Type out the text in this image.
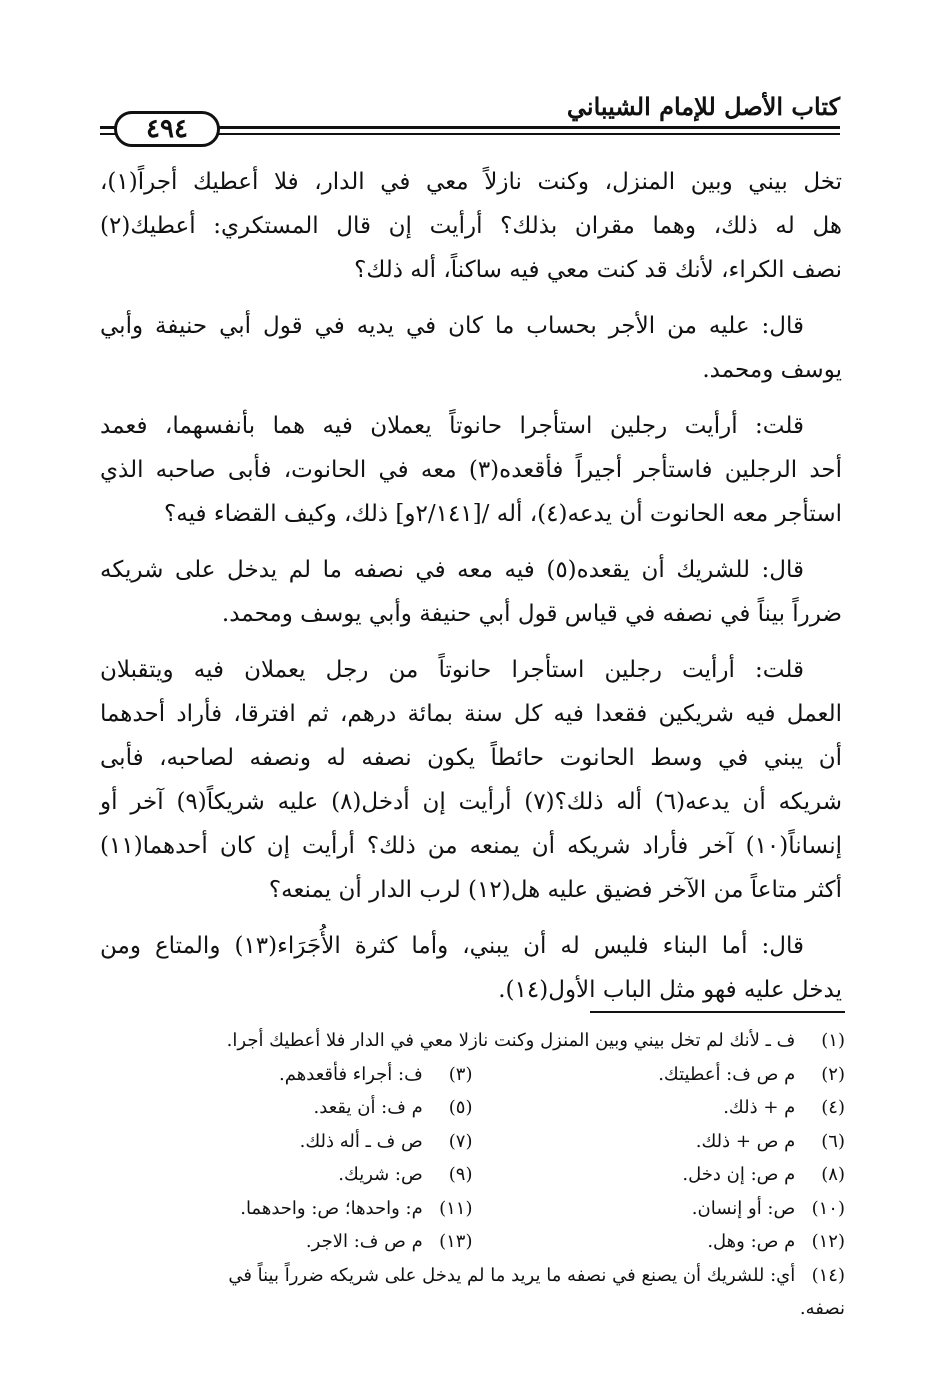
كتاب الأصل للإمام الشيباني
٤٩٤
تخل بيني وبين المنزل، وكنت نازلاً معي في الدار، فلا أعطيك أجراً(١)،
هل له ذلك، وهما مقران بذلك؟ أرأيت إن قال المستكري: أعطيك(٢)
نصف الكراء، لأنك قد كنت معي فيه ساكناً، أله ذلك؟
قال: عليه من الأجر بحساب ما كان في يديه في قول أبي حنيفة وأبي
يوسف ومحمد.
قلت: أرأيت رجلين استأجرا حانوتاً يعملان فيه هما بأنفسهما، فعمد
أحد الرجلين فاستأجر أجيراً فأقعده(٣) معه في الحانوت، فأبى صاحبه الذي
استأجر معه الحانوت أن يدعه(٤)، أله /[٢/١٤١و] ذلك، وكيف القضاء فيه؟
قال: للشريك أن يقعده(٥) فيه معه في نصفه ما لم يدخل على شريكه
ضرراً بيناً في نصفه في قياس قول أبي حنيفة وأبي يوسف ومحمد.
قلت: أرأيت رجلين استأجرا حانوتاً من رجل يعملان فيه ويتقبلان
العمل فيه شريكين فقعدا فيه كل سنة بمائة درهم، ثم افترقا، فأراد أحدهما
أن يبني في وسط الحانوت حائطاً يكون نصفه له ونصفه لصاحبه، فأبى
شريكه أن يدعه(٦) أله ذلك؟(٧) أرأيت إن أدخل(٨) عليه شريكاً(٩) آخر أو
إنساناً(١٠) آخر فأراد شريكه أن يمنعه من ذلك؟ أرأيت إن كان أحدهما(١١)
أكثر متاعاً من الآخر فضيق عليه هل(١٢) لرب الدار أن يمنعه؟
قال: أما البناء فليس له أن يبني، وأما كثرة الأُجَرَاء(١٣) والمتاع ومن
يدخل عليه فهو مثل الباب الأول(١٤).
(١) ف ـ لأنك لم تخل بيني وبين المنزل وكنت نازلا معي في الدار فلا أعطيك أجرا.
(٢) م ص ف: أعطيتك.
(٣) ف: أجراء فأقعدهم.
(٤) م + ذلك.
(٥) م ف: أن يقعد.
(٦) م ص + ذلك.
(٧) ص ف ـ أله ذلك.
(٨) م ص: إن دخل.
(٩) ص: شريك.
(١٠) ص: أو إنسان.
(١١) م: واحدها؛ ص: واحدهما.
(١٢) م ص: وهل.
(١٣) م ص ف: الاجر.
(١٤) أي: للشريك أن يصنع في نصفه ما يريد ما لم يدخل على شريكه ضرراً بيناً في
نصفه.
